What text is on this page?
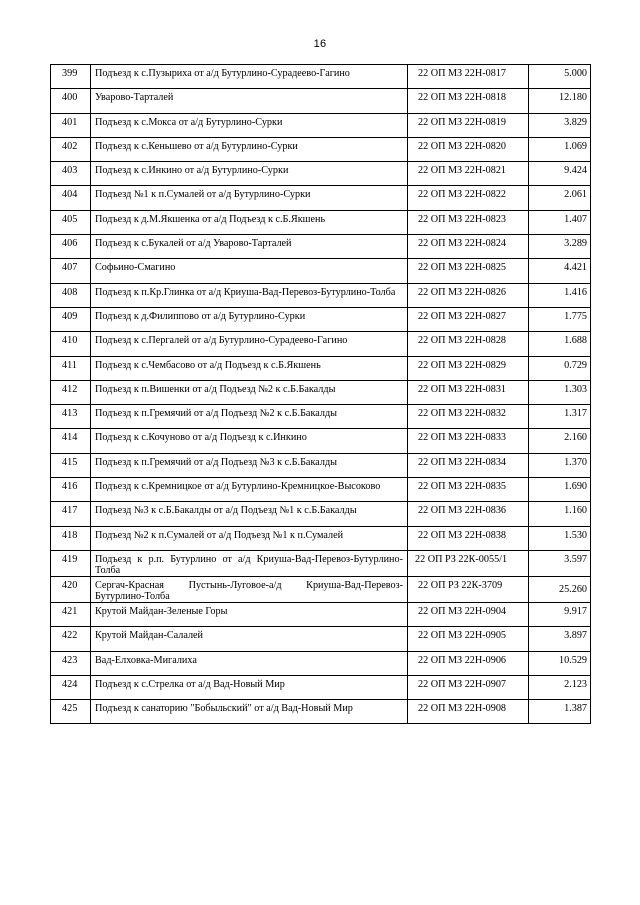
16
399	Подъезд к с.Пузыриха от а/д Бутурлино-Сурадеево-Гагино	22 ОП МЗ 22Н-0817	5.000
400	Уварово-Тарталей	22 ОП МЗ 22Н-0818	12.180
401	Подъезд к с.Мокса от а/д Бутурлино-Сурки	22 ОП МЗ 22Н-0819	3.829
402	Подъезд к с.Кеньшево от а/д Бутурлино-Сурки	22 ОП МЗ 22Н-0820	1.069
403	Подъезд к с.Инкино от а/д Бутурлино-Сурки	22 ОП МЗ 22Н-0821	9.424
404	Подъезд №1 к п.Сумалей от а/д Бутурлино-Сурки	22 ОП МЗ 22Н-0822	2.061
405	Подъезд к д.М.Якшенка от а/д Подъезд к с.Б.Якшень	22 ОП МЗ 22Н-0823	1.407
406	Подъезд к с.Букалей от а/д Уварово-Тарталей	22 ОП МЗ 22Н-0824	3.289
407	Софьино-Смагино	22 ОП МЗ 22Н-0825	4.421
408	Подъезд к п.Кр.Глинка от а/д Криуша-Вад-Перевоз-Бутурлино-Толба	22 ОП МЗ 22Н-0826	1.416
409	Подъезд к д.Филиппово от а/д Бутурлино-Сурки	22 ОП МЗ 22Н-0827	1.775
410	Подъезд к с.Пергалей от а/д Бутурлино-Сурадеево-Гагино	22 ОП МЗ 22Н-0828	1.688
411	Подъезд к с.Чембасово от а/д Подъезд к с.Б.Якшень	22 ОП МЗ 22Н-0829	0.729
412	Подъезд к п.Вишенки от а/д Подъезд №2 к с.Б.Бакалды	22 ОП МЗ 22Н-0831	1.303
413	Подъезд к п.Гремячий от а/д Подъезд №2 к с.Б.Бакалды	22 ОП МЗ 22Н-0832	1.317
414	Подъезд к с.Кочуново от а/д Подъезд к с.Инкино	22 ОП МЗ 22Н-0833	2.160
415	Подъезд к п.Гремячий от а/д Подъезд №3 к с.Б.Бакалды	22 ОП МЗ 22Н-0834	1.370
416	Подъезд к с.Кремницкое от а/д Бутурлино-Кремницкое-Высоково	22 ОП МЗ 22Н-0835	1.690
417	Подъезд №3 к с.Б.Бакалды от а/д Подъезд №1 к с.Б.Бакалды	22 ОП МЗ 22Н-0836	1.160
418	Подъезд №2 к п.Сумалей от а/д Подъезд №1 к п.Сумалей	22 ОП МЗ 22Н-0838	1.530
419	Подъезд к р.п. Бутурлино от а/д Криуша-Вад-Перевоз-Бутурлино-Толба	22 ОП РЗ 22К-0055/1	3.597
420	Сергач-Красная Пустынь-Луговое-а/д Криуша-Вад-Перевоз-Бутурлино-Толба	22 ОП РЗ 22К-3709	25.260
421	Крутой Майдан-Зеленые Горы	22 ОП МЗ 22Н-0904	9.917
422	Крутой Майдан-Салалей	22 ОП МЗ 22Н-0905	3.897
423	Вад-Елховка-Мигалиха	22 ОП МЗ 22Н-0906	10.529
424	Подъезд к с.Стрелка от а/д Вад-Новый Мир	22 ОП МЗ 22Н-0907	2.123
425	Подъезд к санаторию "Бобыльский" от а/д Вад-Новый Мир	22 ОП МЗ 22Н-0908	1.387
